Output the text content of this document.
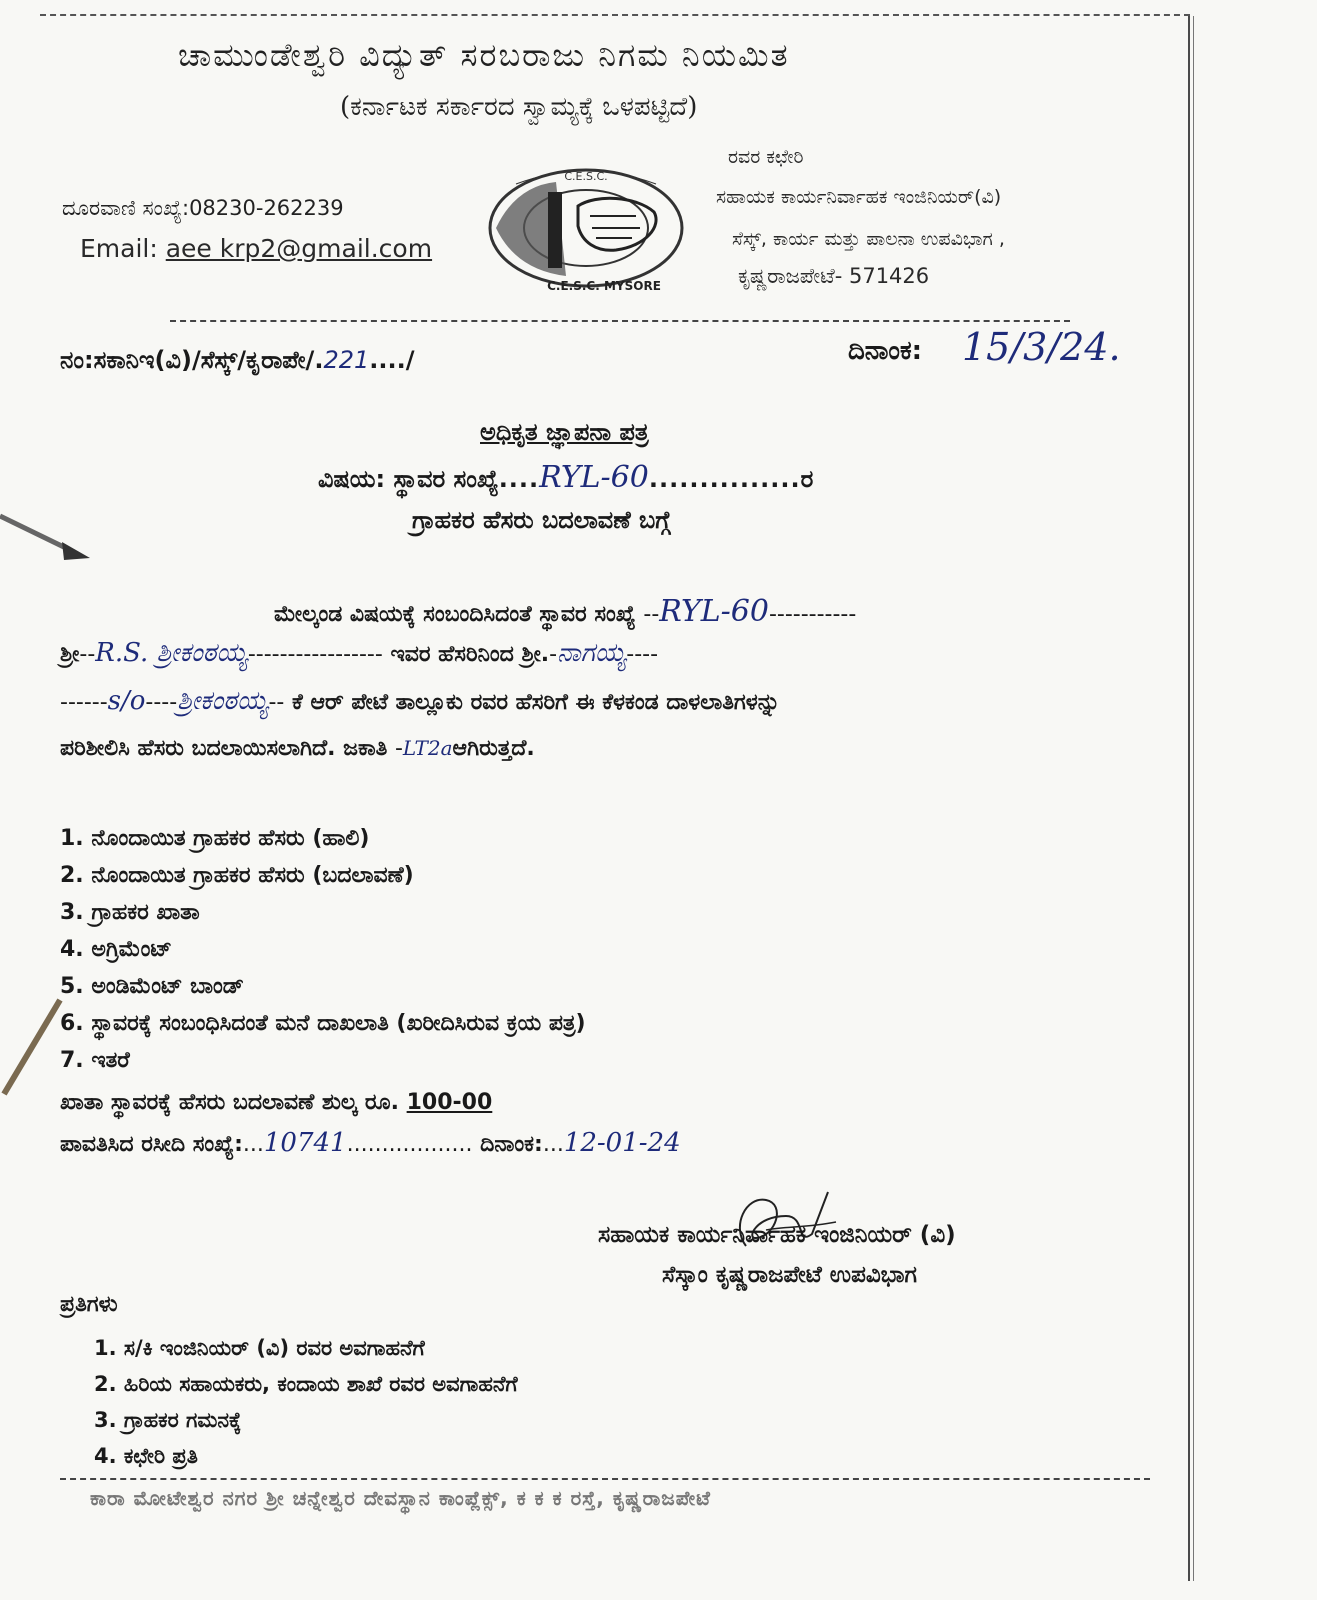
ಚಾಮುಂಡೇಶ್ವರಿ ವಿದ್ಯುತ್ ಸರಬರಾಜು ನಿಗಮ ನಿಯಮಿತ
(ಕರ್ನಾಟಕ ಸರ್ಕಾರದ ಸ್ವಾಮ್ಯಕ್ಕೆ ಒಳಪಟ್ಟಿದೆ)
ದೂರವಾಣಿ ಸಂಖ್ಯೆ:08230-262239
Email: aee krp2@gmail.com
C.E.S.C.
C.E.S.C. MYSORE
ರವರ ಕಛೇರಿ
ಸಹಾಯಕ ಕಾರ್ಯನಿರ್ವಾಹಕ ಇಂಜಿನಿಯರ್(ವಿ)
ಸೆಸ್ಕ್, ಕಾರ್ಯ ಮತ್ತು ಪಾಲನಾ ಉಪವಿಭಾಗ ,
ಕೃಷ್ಣರಾಜಪೇಟೆ- 571426
ನಂ:ಸಕಾನಿಇ(ವಿ)/ಸೆಸ್ಕ್/ಕೃರಾಪೇ/.221..../	ದಿನಾಂಕ: 15/3/24.
ಅಧಿಕೃತ ಜ್ಞಾಪನಾ ಪತ್ರ
ವಿಷಯ: ಸ್ಥಾವರ ಸಂಖ್ಯೆ....RYL-60...............ರ
ಗ್ರಾಹಕರ ಹೆಸರು ಬದಲಾವಣೆ ಬಗ್ಗೆ
ಮೇಲ್ಕಂಡ ವಿಷಯಕ್ಕೆ ಸಂಬಂದಿಸಿದಂತೆ ಸ್ಥಾವರ ಸಂಖ್ಯೆ --RYL-60-----------
ಶ್ರೀ--R.S. ಶ್ರೀಕಂಠಯ್ಯ----------------- ಇವರ ಹೆಸರಿನಿಂದ ಶ್ರೀ.-ನಾಗಯ್ಯ----
------s/o----ಶ್ರೀಕಂಠಯ್ಯ-- ಕೆ ಆರ್ ಪೇಟೆ ತಾಲ್ಲೂಕು ರವರ ಹೆಸರಿಗೆ ಈ ಕೆಳಕಂಡ ದಾಳಲಾತಿಗಳನ್ನು
ಪರಿಶೀಲಿಸಿ ಹೆಸರು ಬದಲಾಯಿಸಲಾಗಿದೆ. ಜಕಾತಿ -LT2aಆಗಿರುತ್ತದೆ.
1. ನೊಂದಾಯಿತ ಗ್ರಾಹಕರ ಹೆಸರು (ಹಾಲಿ)
2. ನೊಂದಾಯಿತ ಗ್ರಾಹಕರ ಹೆಸರು (ಬದಲಾವಣೆ)
3. ಗ್ರಾಹಕರ ಖಾತಾ
4. ಅಗ್ರಿಮೆಂಟ್
5. ಅಂಡಿಮೆಂಟ್ ಬಾಂಡ್
6. ಸ್ಥಾವರಕ್ಕೆ ಸಂಬಂಧಿಸಿದಂತೆ ಮನೆ ದಾಖಲಾತಿ (ಖರೀದಿಸಿರುವ ಕ್ರಯ ಪತ್ರ)
7. ಇತರೆ
ಖಾತಾ ಸ್ಥಾವರಕ್ಕೆ ಹೆಸರು ಬದಲಾವಣೆ ಶುಲ್ಕ ರೂ. 100-00
ಪಾವತಿಸಿದ ರಸೀದಿ ಸಂಖ್ಯೆ:...10741.................. ದಿನಾಂಕ:...12-01-24
ಸಹಾಯಕ ಕಾರ್ಯನಿರ್ವಾಹಕ ಇಂಜಿನಿಯರ್ (ವಿ)
ಸೆಸ್ಕಾಂ ಕೃಷ್ಣರಾಜಪೇಟೆ ಉಪವಿಭಾಗ
ಪ್ರತಿಗಳು
1. ಸ/ಕಿ ಇಂಜಿನಿಯರ್ (ವಿ) ರವರ ಅವಗಾಹನೆಗೆ
2. ಹಿರಿಯ ಸಹಾಯಕರು, ಕಂದಾಯ ಶಾಖೆ ರವರ ಅವಗಾಹನೆಗೆ
3. ಗ್ರಾಹಕರ ಗಮನಕ್ಕೆ
4. ಕಛೇರಿ ಪ್ರತಿ
ಕಾರಾ ಮೋಟೇಶ್ವರ ನಗರ ಶ್ರೀ ಚನ್ನೇಶ್ವರ ದೇವಸ್ಥಾನ ಕಾಂಪ್ಲೆಕ್ಸ್, ಕ ಕ ಕ ರಸ್ತೆ, ಕೃಷ್ಣರಾಜಪೇಟೆ
